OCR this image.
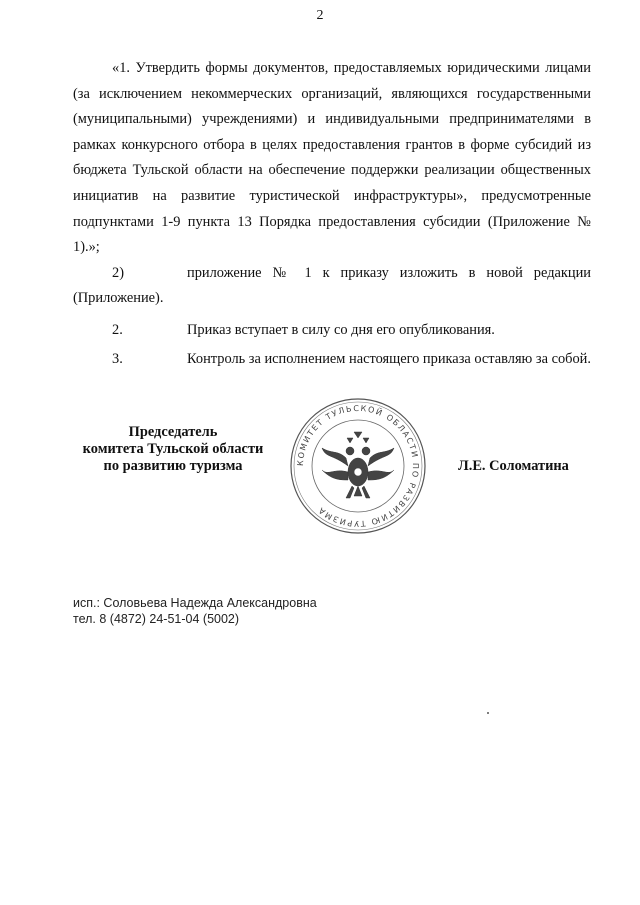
2

«1. Утвердить формы документов, предоставляемых юридическими лицами (за исключением некоммерческих организаций, являющихся государственными (муниципальными) учреждениями) и индивидуальными предпринимателями в рамках конкурсного отбора в целях предоставления грантов в форме субсидий из бюджета Тульской области на обеспечение поддержки реализации общественных инициатив на развитие туристической инфраструктуры», предусмотренные подпунктами 1-9 пункта 13 Порядка предоставления субсидии (Приложение № 1).»;

2)	приложение № 1 к приказу изложить в новой редакции

(Приложение).

2.	Приказ вступает в силу со дня его опубликования.
3.	Контроль за исполнением настоящего приказа оставляю за собой.
Председатель
комитета Тульской области
по развитию туризма	КОМИТЕТ ТУЛЬСКОЙ ОБЛАСТИ ПО РАЗВИТИЮ ТУРИЗМА
Л.Е. Соломатина
исп.: Соловьева Надежда Александровна
тел. 8 (4872) 24-51-04 (5002)
